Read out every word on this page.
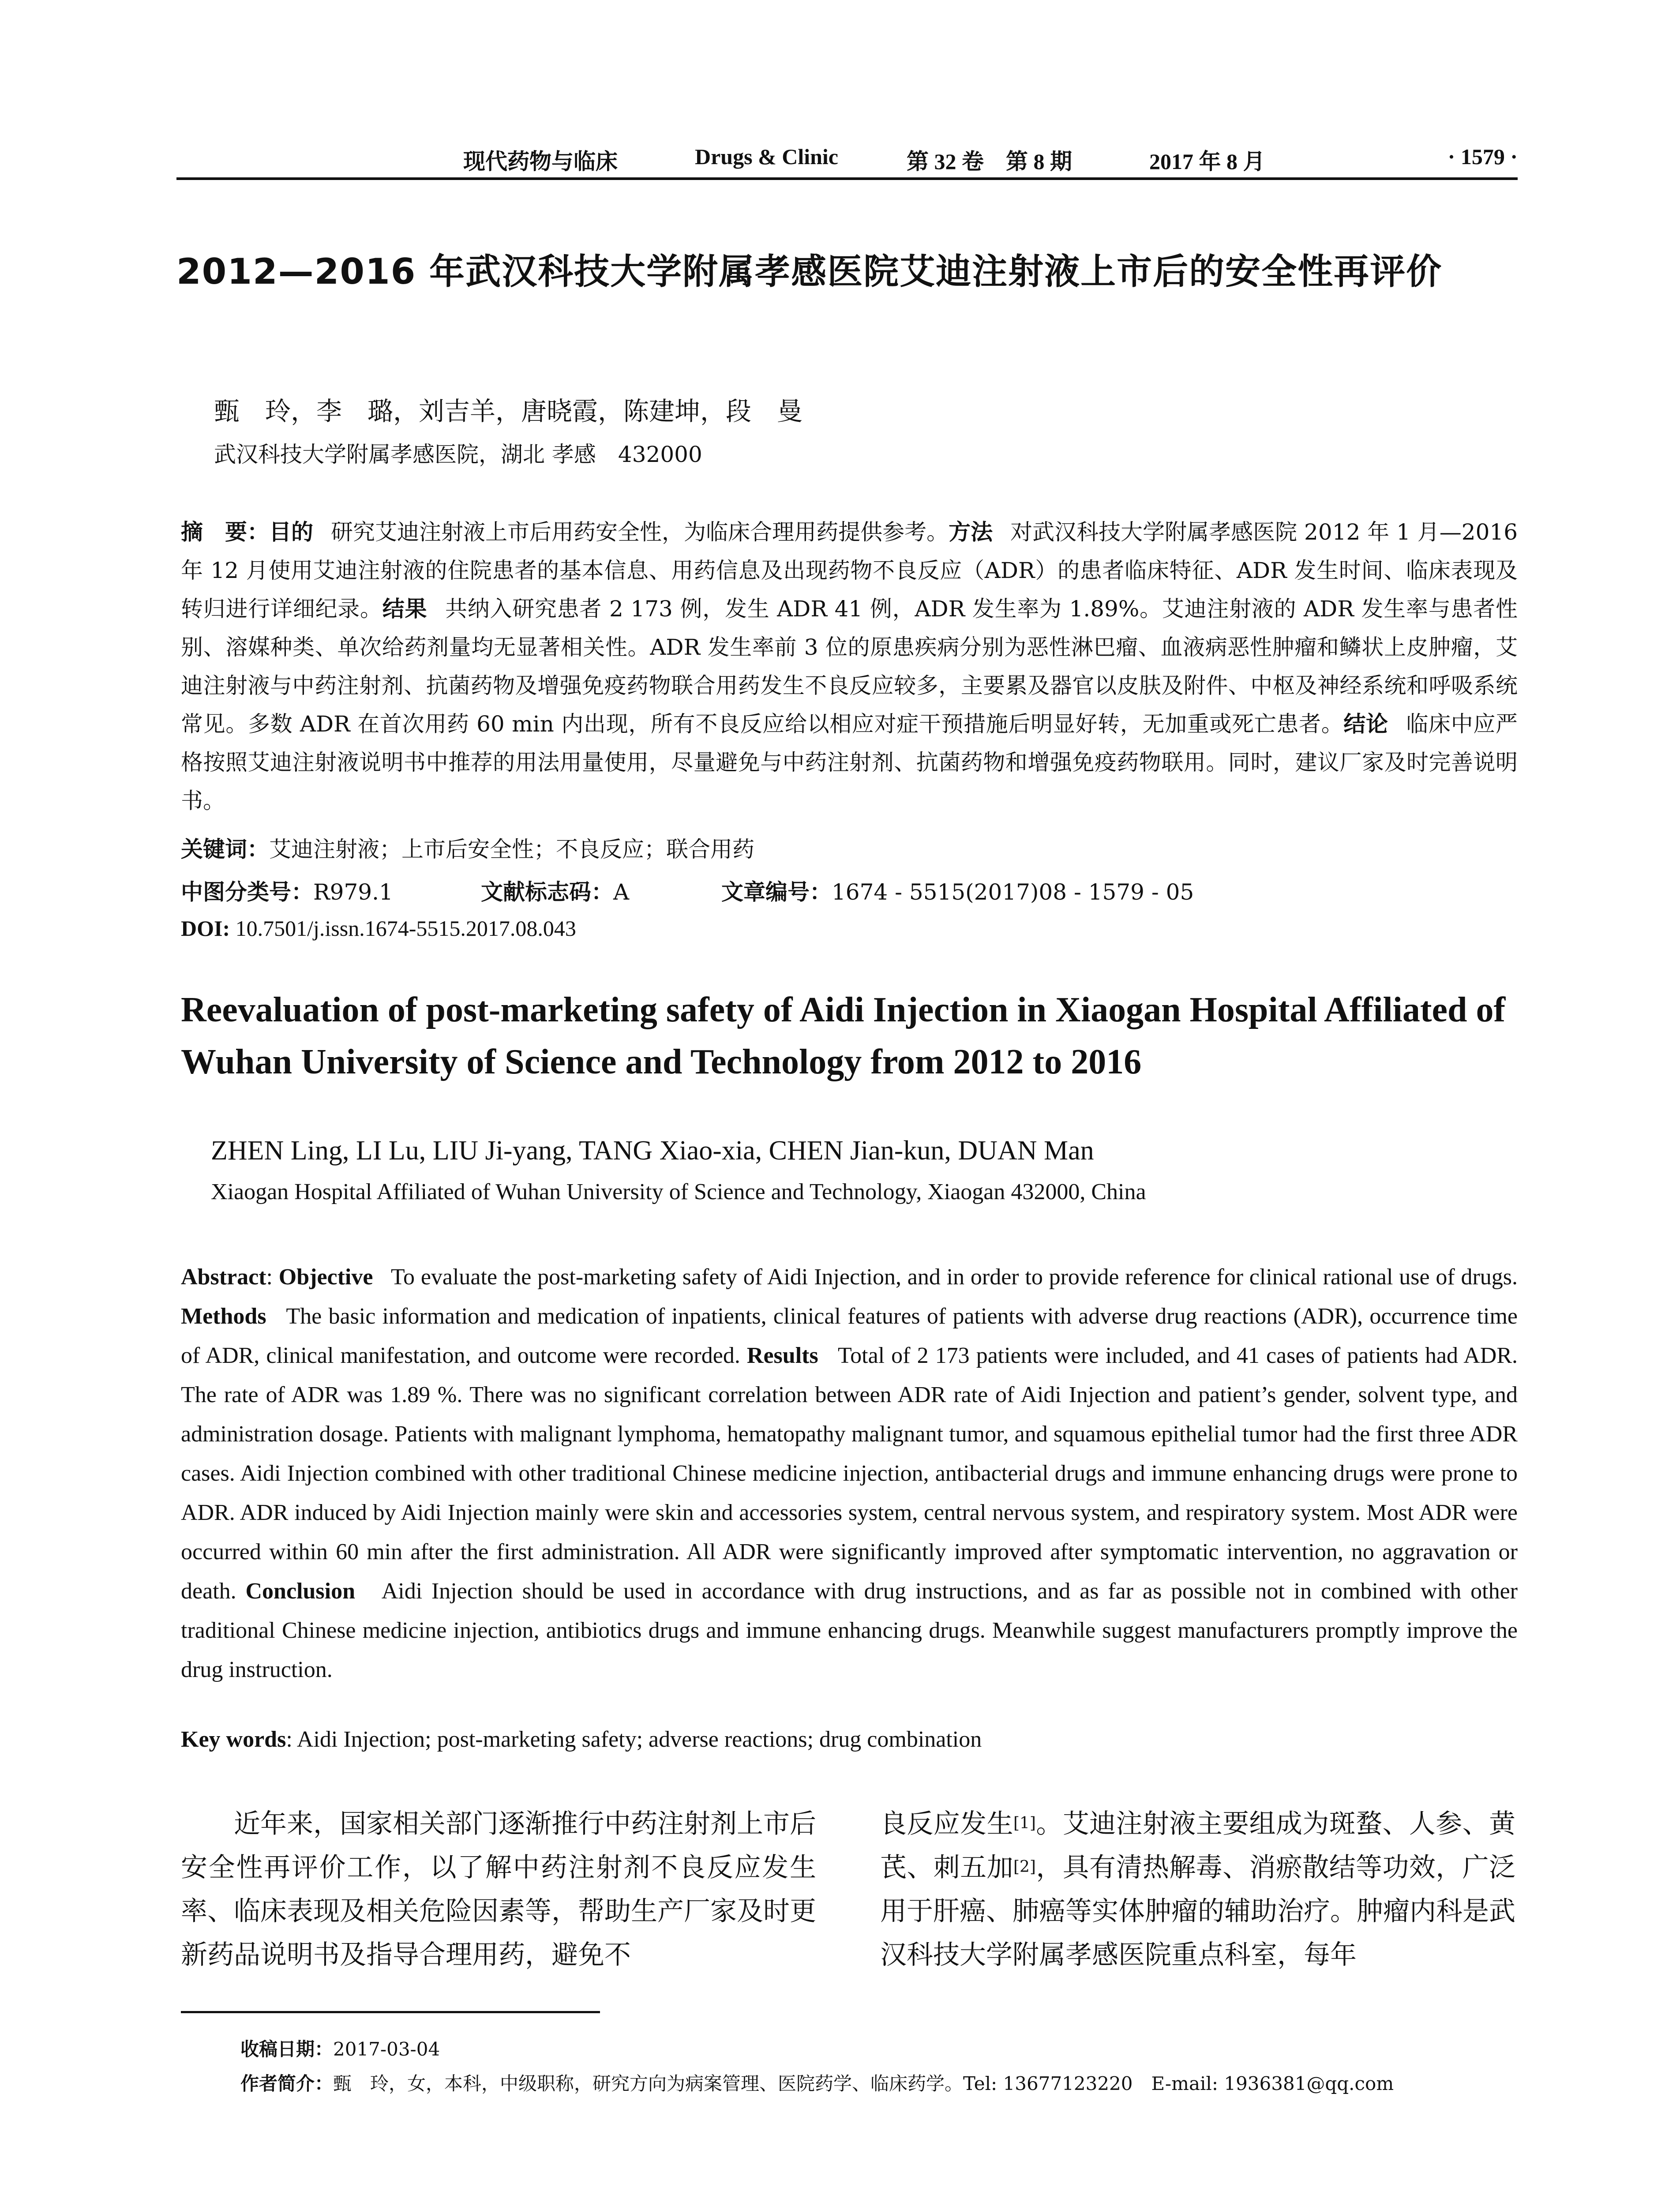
现代药物与临床	Drugs & Clinic	第 32 卷　第 8 期	2017 年 8 月	· 1579 ·
2012—2016 年武汉科技大学附属孝感医院艾迪注射液上市后的安全性再评价
甄　玲，李　璐，刘吉羊，唐晓霞，陈建坤，段　曼
武汉科技大学附属孝感医院，湖北 孝感　432000
摘　要：目的 研究艾迪注射液上市后用药安全性，为临床合理用药提供参考。方法 对武汉科技大学附属孝感医院 2012 年 1 月—2016 年 12 月使用艾迪注射液的住院患者的基本信息、用药信息及出现药物不良反应（ADR）的患者临床特征、ADR 发生时间、临床表现及转归进行详细纪录。结果 共纳入研究患者 2 173 例，发生 ADR 41 例，ADR 发生率为 1.89%。艾迪注射液的 ADR 发生率与患者性别、溶媒种类、单次给药剂量均无显著相关性。ADR 发生率前 3 位的原患疾病分别为恶性淋巴瘤、血液病恶性肿瘤和鳞状上皮肿瘤，艾迪注射液与中药注射剂、抗菌药物及增强免疫药物联合用药发生不良反应较多，主要累及器官以皮肤及附件、中枢及神经系统和呼吸系统常见。多数 ADR 在首次用药 60 min 内出现，所有不良反应给以相应对症干预措施后明显好转，无加重或死亡患者。结论 临床中应严格按照艾迪注射液说明书中推荐的用法用量使用，尽量避免与中药注射剂、抗菌药物和增强免疫药物联用。同时，建议厂家及时完善说明书。
关键词：艾迪注射液；上市后安全性；不良反应；联合用药
中图分类号：R979.1	文献标志码：A	文章编号：1674 - 5515(2017)08 - 1579 - 05
DOI: 10.7501/j.issn.1674-5515.2017.08.043
Reevaluation of post-marketing safety of Aidi Injection in Xiaogan Hospital Affiliated of Wuhan University of Science and Technology from 2012 to 2016
ZHEN Ling, LI Lu, LIU Ji-yang, TANG Xiao-xia, CHEN Jian-kun, DUAN Man
Xiaogan Hospital Affiliated of Wuhan University of Science and Technology, Xiaogan 432000, China
Abstract: Objective To evaluate the post-marketing safety of Aidi Injection, and in order to provide reference for clinical rational use of drugs. Methods The basic information and medication of inpatients, clinical features of patients with adverse drug reactions (ADR), occurrence time of ADR, clinical manifestation, and outcome were recorded. Results Total of 2 173 patients were included, and 41 cases of patients had ADR. The rate of ADR was 1.89 %. There was no significant correlation between ADR rate of Aidi Injection and patient’s gender, solvent type, and administration dosage. Patients with malignant lymphoma, hematopathy malignant tumor, and squamous epithelial tumor had the first three ADR cases. Aidi Injection combined with other traditional Chinese medicine injection, antibacterial drugs and immune enhancing drugs were prone to ADR. ADR induced by Aidi Injection mainly were skin and accessories system, central nervous system, and respiratory system. Most ADR were occurred within 60 min after the first administration. All ADR were significantly improved after symptomatic intervention, no aggravation or death. Conclusion Aidi Injection should be used in accordance with drug instructions, and as far as possible not in combined with other traditional Chinese medicine injection, antibiotics drugs and immune enhancing drugs. Meanwhile suggest manufacturers promptly improve the drug instruction.
Key words: Aidi Injection; post-marketing safety; adverse reactions; drug combination
近年来，国家相关部门逐渐推行中药注射剂上市后安全性再评价工作，以了解中药注射剂不良反应发生率、临床表现及相关危险因素等，帮助生产厂家及时更新药品说明书及指导合理用药，避免不
良反应发生[1]。艾迪注射液主要组成为斑蝥、人参、黄芪、刺五加[2]，具有清热解毒、消瘀散结等功效，广泛用于肝癌、肺癌等实体肿瘤的辅助治疗。肿瘤内科是武汉科技大学附属孝感医院重点科室，每年
收稿日期：2017-03-04
作者简介：甄　玲，女，本科，中级职称，研究方向为病案管理、医院药学、临床药学。Tel: 13677123220　E-mail: 1936381@qq.com
